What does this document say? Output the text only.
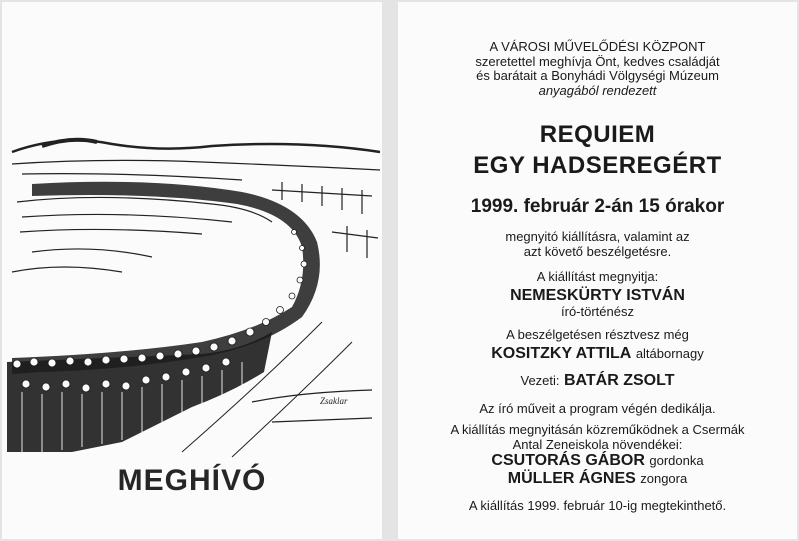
Zsaklar
MEGHÍVÓ
A VÁROSI MŰVELŐDÉSI KÖZPONT
szeretettel meghívja Önt, kedves családját
és barátait a Bonyhádi Völgységi Múzeum
anyagából rendezett
REQUIEM
EGY HADSEREGÉRT
1999. február 2-án 15 órakor
megnyitó kiállításra, valamint az
azt követő beszélgetésre.
A kiállítást megnyitja:
NEMESKÜRTY ISTVÁN
író-történész
A beszélgetésen résztvesz még
KOSITZKY ATTILA altábornagy
Vezeti: BATÁR ZSOLT
Az író műveit a program végén dedikálja.
A kiállítás megnyitásán közreműködnek a Csermák
Antal Zeneiskola növendékei:
CSUTORÁS GÁBOR gordonka
MÜLLER ÁGNES zongora
A kiállítás 1999. február 10-ig megtekinthető.
